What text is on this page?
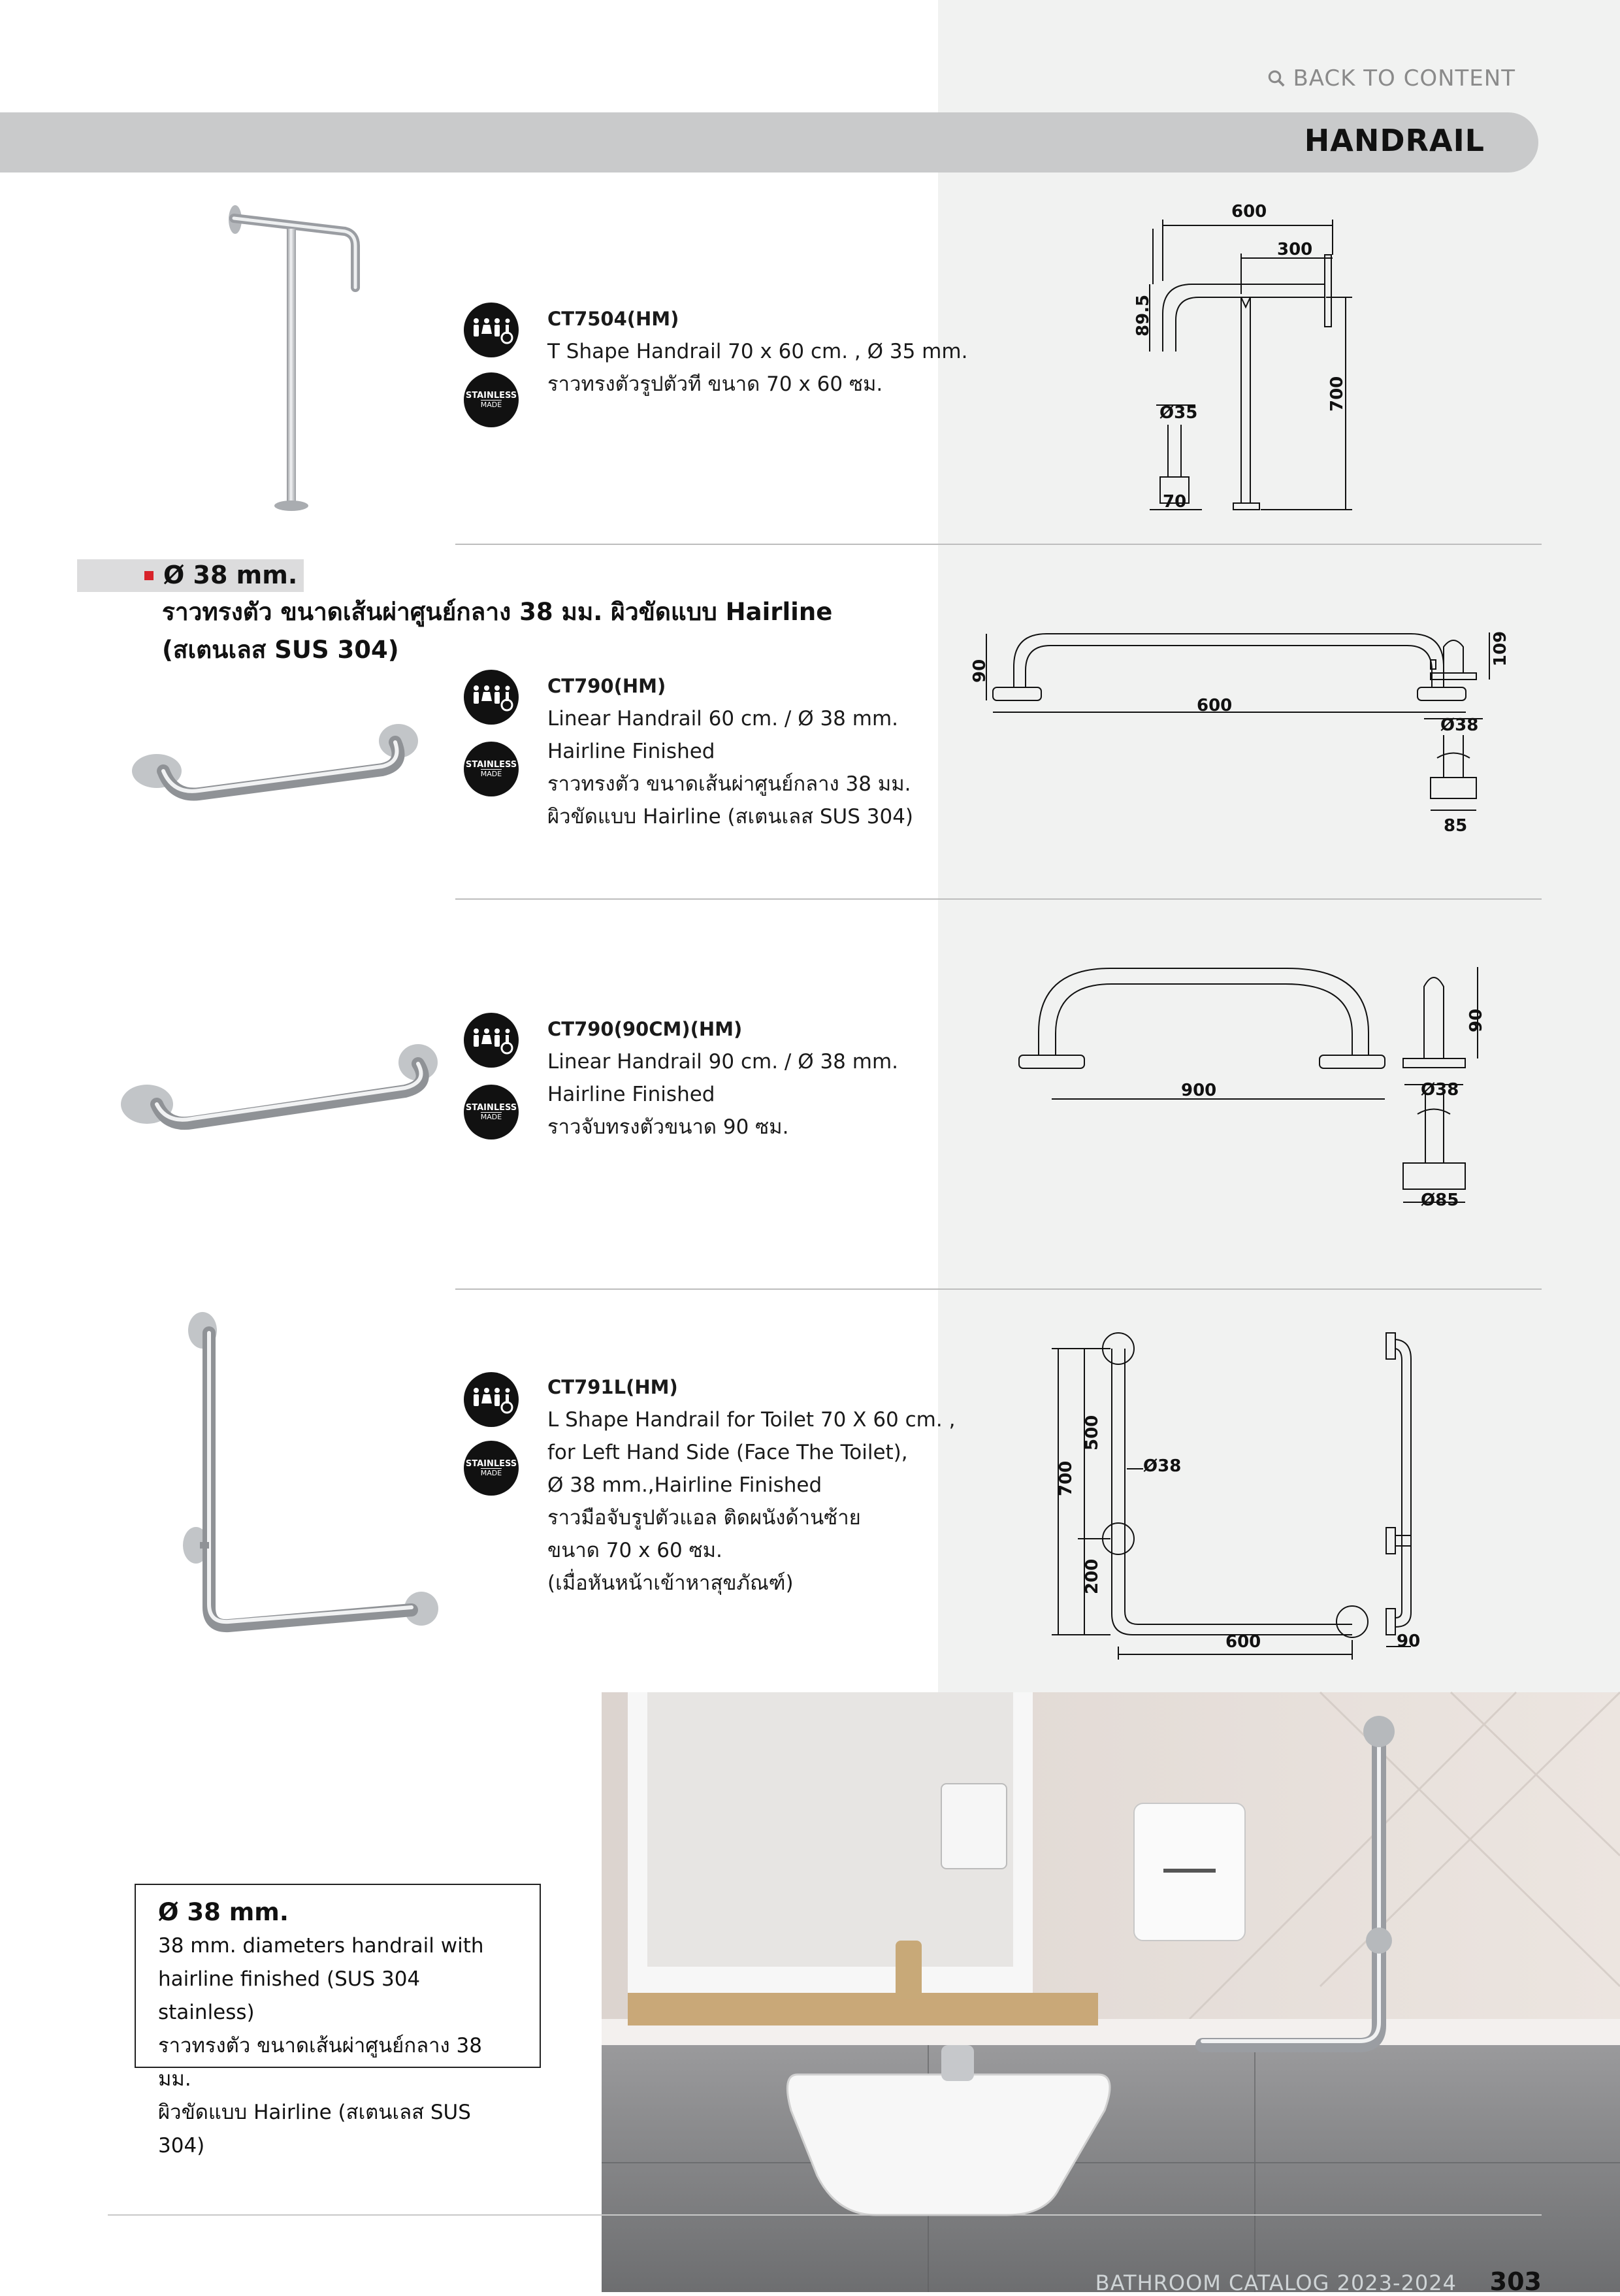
BACK TO CONTENT
HANDRAIL
STAINLESS
MADE
CT7504(HM)
T Shape Handrail 70 x 60 cm. , Ø 35 mm.
ราวทรงตัวรูปตัวที ขนาด 70 x 60 ซม.
600
300
89.5
700
Ø35
70
Ø 38 mm.
ราวทรงตัว ขนาดเส้นผ่าศูนย์กลาง 38 มม. ผิวขัดแบบ Hairline
(สเตนเลส SUS 304)
STAINLESS
MADE
CT790(HM)
Linear Handrail 60 cm. / Ø 38 mm.
Hairline Finished
ราวทรงตัว ขนาดเส้นผ่าศูนย์กลาง 38 มม.
ผิวขัดแบบ Hairline (สเตนเลส SUS 304)
600
90
109
Ø38
85
STAINLESS
MADE
CT790(90CM)(HM)
Linear Handrail 90 cm. / Ø 38 mm.
Hairline Finished
ราวจับทรงตัวขนาด 90 ซม.
900
90
Ø38
Ø85
STAINLESS
MADE
CT791L(HM)
L Shape Handrail for Toilet 70 X 60 cm. ,
for Left Hand Side (Face The Toilet),
Ø 38 mm.,Hairline Finished
ราวมือจับรูปตัวแอล ติดผนังด้านซ้าย
ขนาด 70 x 60 ซม.
(เมื่อหันหน้าเข้าหาสุขภัณฑ์)
700
500
200
Ø38
600	90
Ø 38 mm.
38 mm. diameters handrail with
hairline finished (SUS 304 stainless)
ราวทรงตัว ขนาดเส้นผ่าศูนย์กลาง 38 มม.
ผิวขัดแบบ Hairline (สเตนเลส SUS 304)
BATHROOM CATALOG 2023-2024 303
